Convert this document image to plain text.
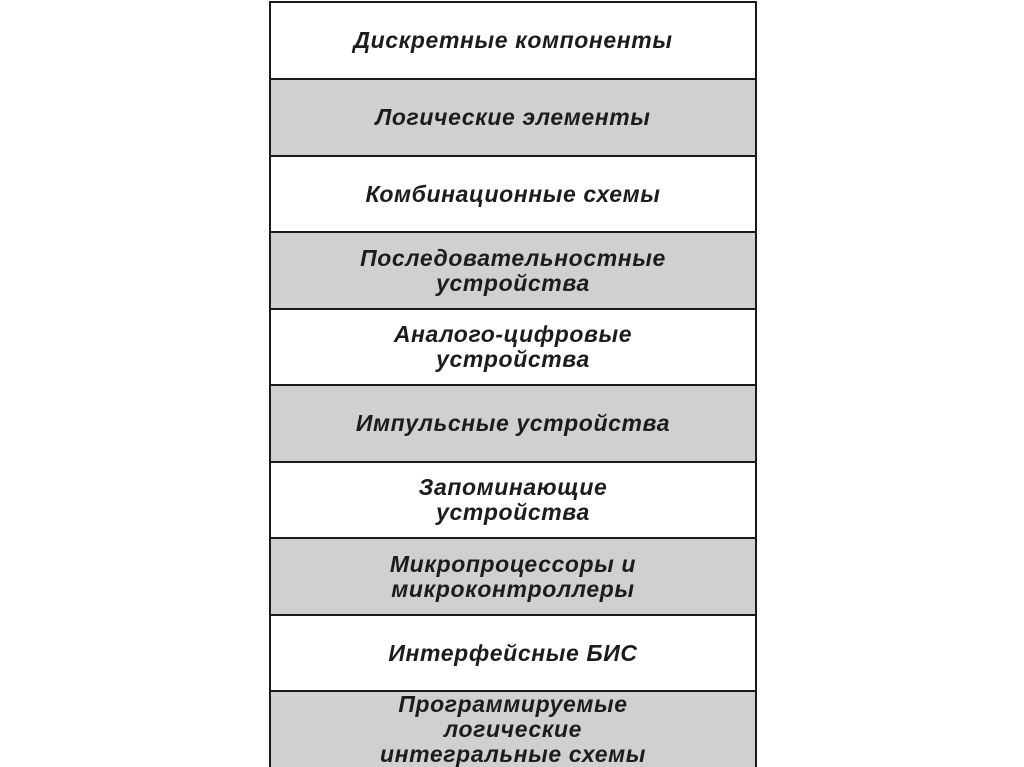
Дискретные компоненты
Логические элементы
Комбинационные схемы
Последовательностные
устройства
Аналого-цифровые
устройства
Импульсные устройства
Запоминающие
устройства
Микропроцессоры и
микроконтроллеры
Интерфейсные БИС
Программируемые
логические
интегральные схемы
